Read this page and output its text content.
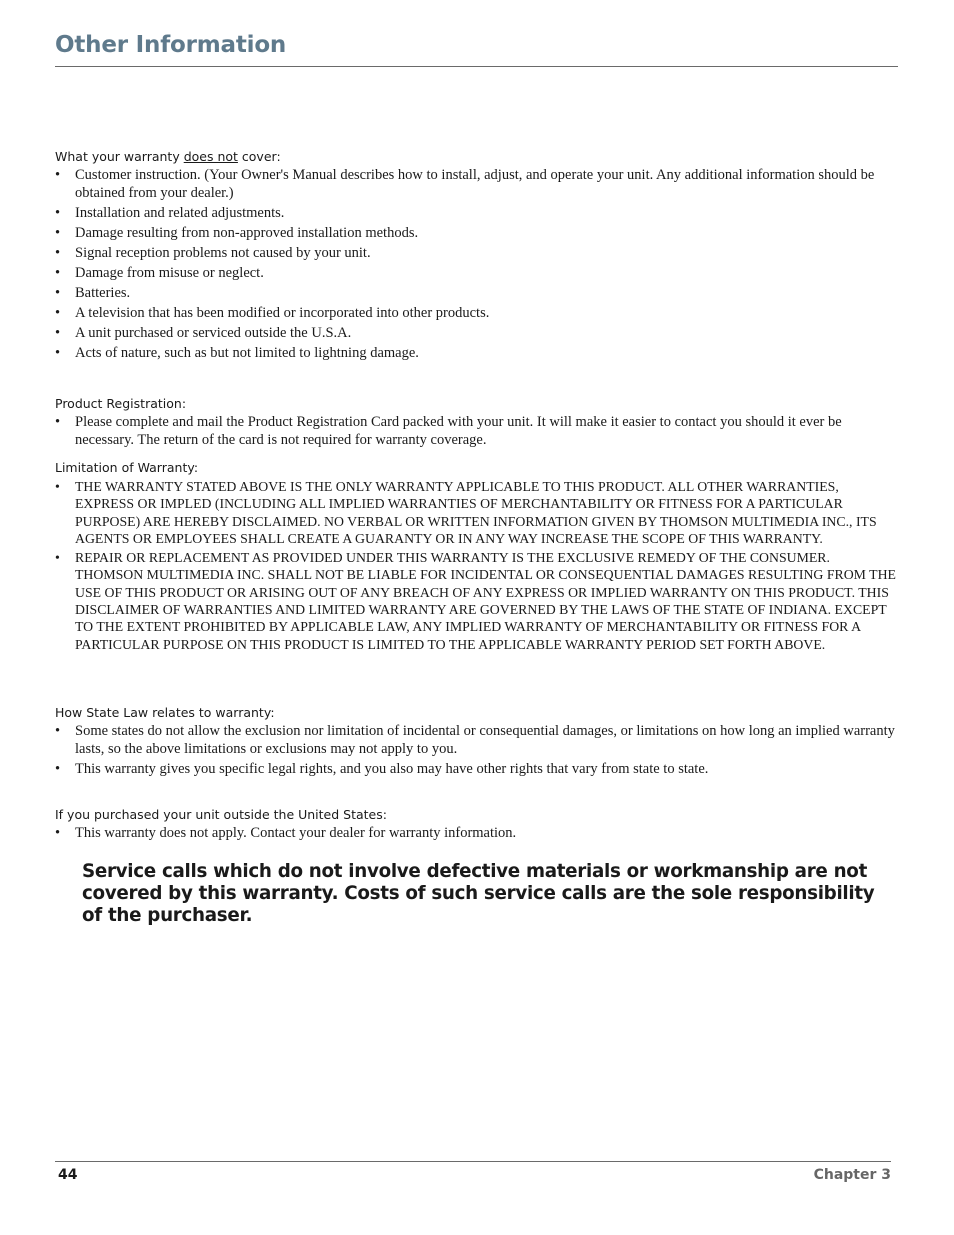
Other Information
What your warranty does not cover:
• Customer instruction. (Your Owner's Manual describes how to install, adjust, and operate your unit. Any additional information should be obtained from your dealer.)
• Installation and related adjustments.
• Damage resulting from non-approved installation methods.
• Signal reception problems not caused by your unit.
• Damage from misuse or neglect.
• Batteries.
• A television that has been modified or incorporated into other products.
• A unit purchased or serviced outside the U.S.A.
• Acts of nature, such as but not limited to lightning damage.
Product Registration:
• Please complete and mail the Product Registration Card packed with your unit. It will make it easier to contact you should it ever be necessary. The return of the card is not required for warranty coverage.
Limitation of Warranty:
• THE WARRANTY STATED ABOVE IS THE ONLY WARRANTY APPLICABLE TO THIS PRODUCT. ALL OTHER WARRANTIES, EXPRESS OR IMPLED (INCLUDING ALL IMPLIED WARRANTIES OF MERCHANTABILITY OR FITNESS FOR A PARTICULAR PURPOSE) ARE HEREBY DISCLAIMED. NO VERBAL OR WRITTEN INFORMATION GIVEN BY THOMSON MULTIMEDIA INC., ITS AGENTS OR EMPLOYEES SHALL CREATE A GUARANTY OR IN ANY WAY INCREASE THE SCOPE OF THIS WARRANTY.
• REPAIR OR REPLACEMENT AS PROVIDED UNDER THIS WARRANTY IS THE EXCLUSIVE REMEDY OF THE CONSUMER. THOMSON MULTIMEDIA INC. SHALL NOT BE LIABLE FOR INCIDENTAL OR CONSEQUENTIAL DAMAGES RESULTING FROM THE USE OF THIS PRODUCT OR ARISING OUT OF ANY BREACH OF ANY EXPRESS OR IMPLIED WARRANTY ON THIS PRODUCT. THIS DISCLAIMER OF WARRANTIES AND LIMITED WARRANTY ARE GOVERNED BY THE LAWS OF THE STATE OF INDIANA. EXCEPT TO THE EXTENT PROHIBITED BY APPLICABLE LAW, ANY IMPLIED WARRANTY OF MERCHANTABILITY OR FITNESS FOR A PARTICULAR PURPOSE ON THIS PRODUCT IS LIMITED TO THE APPLICABLE WARRANTY PERIOD SET FORTH ABOVE.
How State Law relates to warranty:
• Some states do not allow the exclusion nor limitation of incidental or consequential damages, or limitations on how long an implied warranty lasts, so the above limitations or exclusions may not apply to you.
• This warranty gives you specific legal rights, and you also may have other rights that vary from state to state.
If you purchased your unit outside the United States:
• This warranty does not apply. Contact your dealer for warranty information.
Service calls which do not involve defective materials or workmanship are not covered by this warranty. Costs of such service calls are the sole responsibility of the purchaser.
44	Chapter 3
